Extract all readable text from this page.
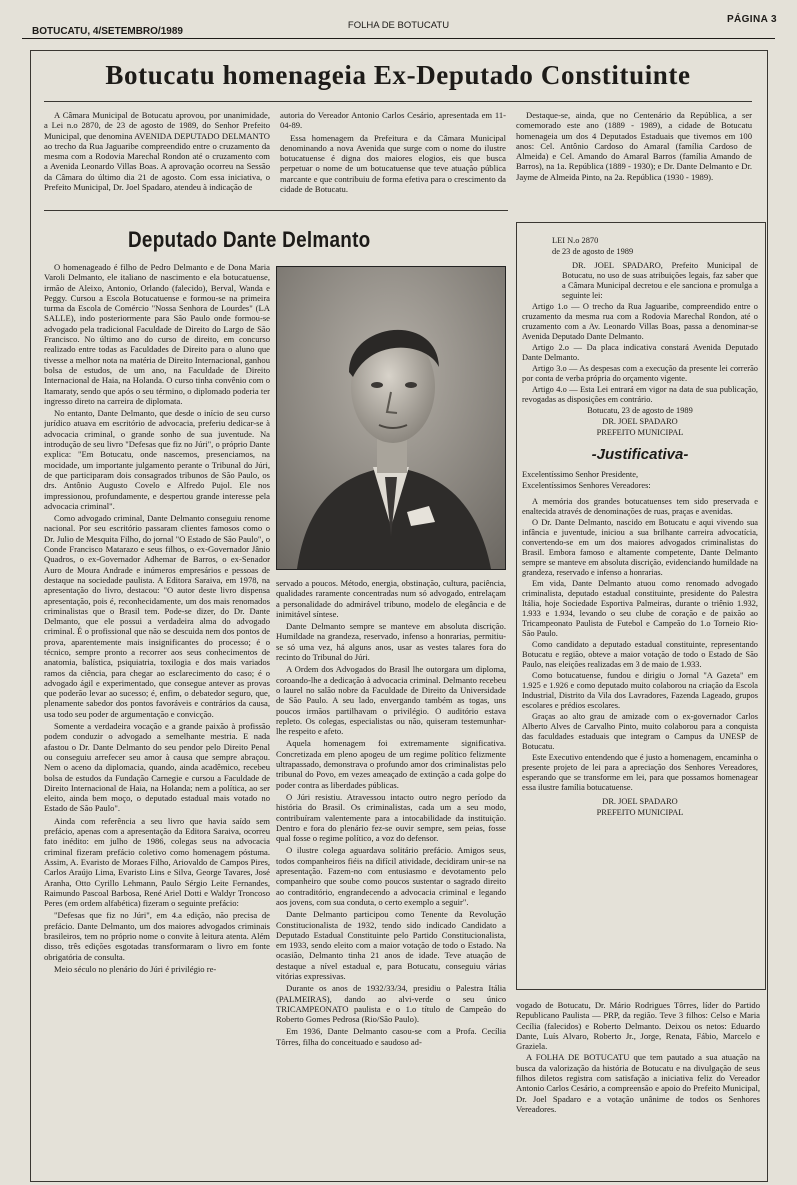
BOTUCATU, 4/SETEMBRO/1989
FOLHA DE BOTUCATU
PÁGINA 3
Botucatu homenageia Ex-Deputado Constituinte

A Câmara Municipal de Botucatu aprovou, por unanimidade, a Lei n.o 2870, de 23 de agosto de 1989, do Senhor Prefeito Municipal, que denomina AVENIDA DEPUTADO DELMANTO ao trecho da Rua Jaguaribe compreendido entre o cruzamento da mesma com a Rodovia Marechal Rondon até o cruzamento com a Avenida Leonardo Villas Boas. A aprovação ocorreu na Sessão da Câmara do último dia 21 de agosto. Com essa iniciativa, o Prefeito Municipal, Dr. Joel Spadaro, atendeu à indicação de

autoria do Vereador Antonio Carlos Cesário, apresentada em 11-04-89.

Essa homenagem da Prefeitura e da Câmara Municipal denominando a nova Avenida que surge com o nome do ilustre botucatuense é digna dos maiores elogios, eis que busca perpetuar o nome de um botucatuense que teve atuação pública marcante e que contribuiu de forma efetiva para o crescimento da cidade de Botucatu.

Destaque-se, ainda, que no Centenário da República, a ser comemorado este ano (1889 - 1989), a cidade de Botucatu homenageia um dos 4 Deputados Estaduais que tivemos em 100 anos: Cel. Antônio Cardoso do Amaral (família Cardoso de Almeida) e Cel. Amando do Amaral Barros (família Amando de Barros), na 1a. República (1889 - 1930); e Dr. Dante Delmanto e Dr. Jayme de Almeida Pinto, na 2a. República (1930 - 1989).

Deputado Dante Delmanto

O homenageado é filho de Pedro Delmanto e de Dona Maria Varoli Delmanto, ele italiano de nascimento e ela botucatuense, irmão de Aleixo, Antonio, Orlando (falecido), Berval, Wanda e Peggy. Cursou a Escola Botucatuense e formou-se na primeira turma da Escola de Comércio "Nossa Senhora de Lourdes" (LA SALLE), indo posteriormente para São Paulo onde formou-se advogado pela tradicional Faculdade de Direito do Largo de São Francisco. No último ano do curso de direito, em concurso realizado entre todas as Faculdades de Direito para o aluno que tivesse a melhor nota na matéria de Direito Internacional, ganhou bolsa de estudos, de um ano, na Faculdade de Direito Internacional de Haia, na Holanda. O curso tinha convênio com o Itamaraty, sendo que após o seu término, o diplomado poderia ter ingresso direto na carreira de diplomata.

No entanto, Dante Delmanto, que desde o início de seu curso jurídico atuava em escritório de advocacia, preferiu dedicar-se à advocacia criminal, o grande sonho de sua juventude. Na introdução de seu livro "Defesas que fiz no Júri", o próprio Dante explica: "Em Botucatu, onde nascemos, presenciamos, na mocidade, um importante julgamento perante o Tribunal do Júri, de que participaram dois consagrados tribunos de São Paulo, os drs. Antônio Augusto Covelo e Alfredo Pujol. Ele nos impressionou, profundamente, e despertou grande interesse pela advocacia criminal".

Como advogado criminal, Dante Delmanto conseguiu renome nacional. Por seu escritório passaram clientes famosos como o Dr. Julio de Mesquita Filho, do jornal "O Estado de São Paulo", o Conde Francisco Matarazo e seus filhos, o ex-Governador Jânio Quadros, o ex-Governador Adhemar de Barros, o ex-Senador Auro de Moura Andrade e inúmeros empresários e pessoas de destaque na sociedade paulista. A Editora Saraiva, em 1978, na apresentação do livro, destacou: "O autor deste livro dispensa apresentação, pois é, reconhecidamente, um dos mais renomados criminalistas que o Brasil tem. Pode-se dizer, do Dr. Dante Delmanto, que ele possui a verdadeira alma do advogado criminal. É o profissional que não se descuida nem dos pontos de prova, aparentemente mais insignificantes do processo; é o técnico, sempre pronto a recorrer aos seus conhecimentos de anatomia, balística, psiquiatria, toxilogia e dos mais variados ramos da ciência, para chegar ao esclarecimento do caso; é o advogado ágil e experimentado, que consegue antever as provas que poderão levar ao sucesso; é, enfim, o debatedor seguro, que, plenamente sabedor dos pontos favoráveis e contrários da causa, usa todo seu poder de argumentação e convicção.

Somente a verdadeira vocação e a grande paixão à profissão podem conduzir o advogado a semelhante mestria. E nada afastou o Dr. Dante Delmanto do seu pendor pelo Direito Penal ou conseguiu arrefecer seu amor à causa que sempre abraçou. Nem o aceno da diplomacia, quando, ainda acadêmico, recebeu bolsa de estudos da Fundação Carnegie e cursou a Faculdade de Direito Internacional de Haia, na Holanda; nem a política, ao ser eleito, ainda bem moço, o deputado estadual mais votado no Estado de São Paulo".

Ainda com referência a seu livro que havia saído sem prefácio, apenas com a apresentação da Editora Saraiva, ocorreu fato inédito: em julho de 1986, colegas seus na advocacia criminal fizeram prefácio coletivo como homenagem póstuma. Assim, A. Evaristo de Moraes Filho, Ariovaldo de Campos Pires, Carlos Araújo Lima, Evaristo Lins e Silva, George Tavares, José Aranha, Otto Cyrillo Lehmann, Paulo Sérgio Leite Fernandes, Raimundo Pascoal Barbosa, René Ariel Dotti e Waldyr Troncoso Peres (em ordem alfabética) fizeram o seguinte prefácio:

"Defesas que fiz no Júri", em 4.a edição, não precisa de prefácio. Dante Delmanto, um dos maiores advogados criminais brasileiros, tem no próprio nome o convite à leitura atenta. Além disso, três edições esgotadas transformaram o livro em fonte obrigatória de consulta.

Meio século no plenário do Júri é privilégio re-

servado a poucos. Método, energia, obstinação, cultura, paciência, qualidades raramente concentradas num só advogado, entrelaçam a personalidade do admirável tribuno, modelo de elegância e de inimitável síntese.

Dante Delmanto sempre se manteve em absoluta discrição. Humildade na grandeza, reservado, infenso a honrarias, permitiu-se só uma vez, há alguns anos, usar as vestes talares fora do recinto do Tribunal do Júri.

A Ordem dos Advogados do Brasil lhe outorgara um diploma, coroando-lhe a dedicação à advocacia criminal. Delmanto recebeu o laurel no salão nobre da Faculdade de Direito da Universidade de São Paulo. A seu lado, envergando também as togas, uns poucos irmãos partilhavam o privilégio. O auditório estava repleto. Os colegas, especialistas ou não, quiseram testemunhar-lhe respeito e afeto.

Aquela homenagem foi extremamente significativa. Concretizada em pleno apogeu de um regime político felizmente ultrapassado, demonstrava o profundo amor dos criminalistas pelo tribunal do Povo, em vezes ameaçado de extinção a cada golpe do poder contra as liberdades públicas.

O Júri resistiu. Atravessou intacto outro negro período da história do Brasil. Os criminalistas, cada um a seu modo, contribuíram valentemente para a intocabilidade da instituição. Dentro e fora do plenário fez-se ouvir sempre, sem peias, fosse qual fosse o regime político, a voz do defensor.

O ilustre colega aguardava solitário prefácio. Amigos seus, todos companheiros fiéis na difícil atividade, decidiram unir-se na apresentação. Fazem-no com entusiasmo e devotamento pelo companheiro que soube como poucos sustentar o sagrado direito ao contraditório, engrandecendo a advocacia criminal e legando aos jovens, com sua conduta, o certo exemplo a seguir".

Dante Delmanto participou como Tenente da Revolução Constitucionalista de 1932, tendo sido indicado Candidato a Deputado Estadual Constituinte pelo Partido Constitucionalista, em 1933, sendo eleito com a maior votação de todo o Estado. Na ocasião, Delmanto tinha 21 anos de idade. Teve atuação de destaque a nível estadual e, para Botucatu, conseguiu várias vitórias expressivas.

Durante os anos de 1932/33/34, presidiu o Palestra Itália (PALMEIRAS), dando ao alvi-verde o seu único TRICAMPEONATO paulista e o 1.o título de Campeão do Roberto Gomes Pedrosa (Rio/São Paulo).

Em 1936, Dante Delmanto casou-se com a Profa. Cecília Tôrres, filha do conceituado e saudoso ad-

LEI N.o 2870

de 23 de agosto de 1989

DR. JOEL SPADARO, Prefeito Municipal de Botucatu, no uso de suas atribuições legais, faz saber que a Câmara Municipal decretou e ele sanciona e promulga a seguinte lei:

Artigo 1.o — O trecho da Rua Jaguaribe, compreendido entre o cruzamento da mesma rua com a Rodovia Marechal Rondon, até o cruzamento com a Av. Leonardo Villas Boas, passa a denominar-se Avenida Deputado Dante Delmanto.

Artigo 2.o — Da placa indicativa constará Avenida Deputado Dante Delmanto.

Artigo 3.o — As despesas com a execução da presente lei correrão por conta de verba própria do orçamento vigente.

Artigo 4.o — Esta Lei entrará em vigor na data de sua publicação, revogadas as disposições em contrário.

Botucatu, 23 de agosto de 1989

DR. JOEL SPADARO

PREFEITO MUNICIPAL

-Justificativa-

Excelentíssimo Senhor Presidente,

Excelentíssimos Senhores Vereadores:

A memória dos grandes botucatuenses tem sido preservada e enaltecida através de denominações de ruas, praças e avenidas.

O Dr. Dante Delmanto, nascido em Botucatu e aqui vivendo sua infância e juventude, iniciou a sua brilhante carreira advocatícia, convertendo-se em um dos maiores advogados criminalistas do Brasil. Embora famoso e altamente competente, Dante Delmanto sempre se manteve em absoluta discrição, evidenciando humildade na grandeza, reservado e infenso a honrarias.

Em vida, Dante Delmanto atuou como renomado advogado criminalista, deputado estadual constituinte, presidente do Palestra Itália, hoje Sociedade Esportiva Palmeiras, durante o triênio 1.932, 1.933 e 1.934, levando o seu clube de coração e de paixão ao Tricampeonato Paulista de Futebol e Campeão do 1.o Torneio Rio-São Paulo.

Como candidato a deputado estadual constituinte, representando Botucatu e região, obteve a maior votação de todo o Estado de São Paulo, nas eleições realizadas em 3 de maio de 1.933.

Como botucatuense, fundou e dirigiu o Jornal "A Gazeta" em 1.925 e 1.926 e como deputado muito colaborou na criação da Escola Industrial, Distrito da Vila dos Lavradores, Fazenda Lageado, grupos escolares e prédios escolares.

Graças ao alto grau de amizade com o ex-governador Carlos Alberto Alves de Carvalho Pinto, muito colaborou para a conquista das faculdades estaduais que integram o Campus da UNESP de Botucatu.

Este Executivo entendendo que é justo a homenagem, encaminha o presente projeto de lei para a apreciação dos Senhores Vereadores, esperando que se transforme em lei, para que possamos homenagear essa ilustre família botucatuense.

DR. JOEL SPADARO

PREFEITO MUNICIPAL

vogado de Botucatu, Dr. Mário Rodrigues Tôrres, líder do Partido Republicano Paulista — PRP, da região. Teve 3 filhos: Celso e Maria Cecília (falecidos) e Roberto Delmanto. Deixou os netos: Eduardo Dante, Luís Alvaro, Roberto Jr., Jorge, Renata, Fábio, Marcelo e Graziela.

A FOLHA DE BOTUCATU que tem pautado a sua atuação na busca da valorização da história de Botucatu e na divulgação de seus filhos diletos registra com satisfação a iniciativa feliz do Vereador Antonio Carlos Cesário, a compreensão e apoio do Prefeito Municipal, Dr. Joel Spadaro e a votação unânime de todos os Senhores Vereadores.
